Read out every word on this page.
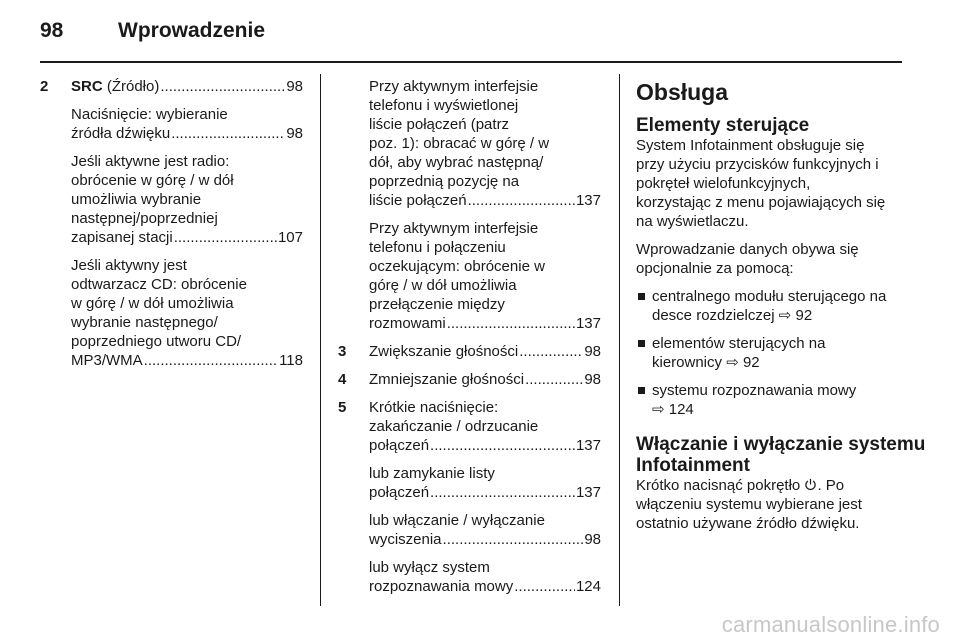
98	Wprowadzenie
2 SRC (Źródło) .....	98
Naciśnięcie: wybieranie
źródła dźwięku .....	98
Jeśli aktywne jest radio:
obrócenie w górę / w dół
umożliwia wybranie
następnej/poprzedniej
zapisanej stacji .....	107
Jeśli aktywny jest
odtwarzacz CD: obrócenie
w górę / w dół umożliwia
wybranie następnego/
poprzedniego utworu CD/
MP3/WMA .....	118
Przy aktywnym interfejsie
telefonu i wyświetlonej
liście połączeń (patrz
poz. 1): obracać w górę / w
dół, aby wybrać następną/
poprzednią pozycję na
liście połączeń .....	137
Przy aktywnym interfejsie
telefonu i połączeniu
oczekującym: obrócenie w
górę / w dół umożliwia
przełączenie między
rozmowami .....	137
3 Zwiększanie głośności .....	98
4 Zmniejszanie głośności .....	98
5 Krótkie naciśnięcie:
zakańczanie / odrzucanie
połączeń .....	137
lub zamykanie listy
połączeń .....	137
lub włączanie / wyłączanie
wyciszenia .....	98
lub wyłącz system
rozpoznawania mowy .....	124
Obsługa
Elementy sterujące
System Infotainment obsługuje się
przy użyciu przycisków funkcyjnych i
pokręteł wielofunkcyjnych,
korzystając z menu pojawiających się
na wyświetlaczu.
Wprowadzanie danych obywa się
opcjonalnie za pomocą:
centralnego modułu sterującego na
desce rozdzielczej ⇨ 92
elementów sterujących na
kierownicy ⇨ 92
systemu rozpoznawania mowy
⇨ 124
Włączanie i wyłączanie systemu
Infotainment
Krótko nacisnąć pokrętło . Po
włączeniu systemu wybierane jest
ostatnio używane źródło dźwięku.
carmanualsonline.info
